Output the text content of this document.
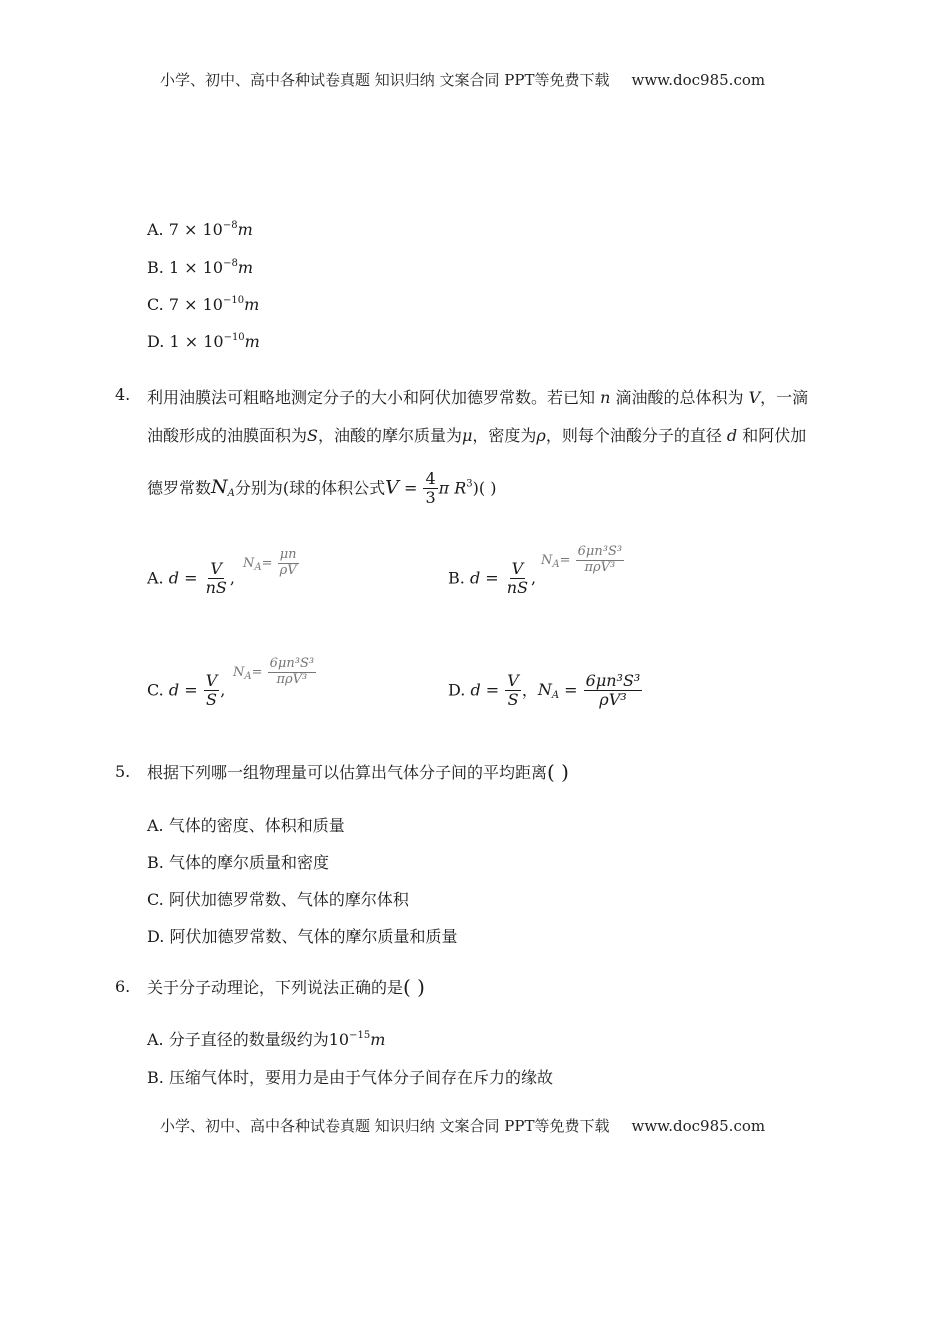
小学、初中、高中各种试卷真题 知识归纳 文案合同 PPT等免费下载 www.doc985.com
A. $7 \times 10^{-8}m$
B. $1 \times 10^{-8}m$
C. $7 \times 10^{-10}m$
D. $1 \times 10^{-10}m$
4. 利用油膜法可粗略地测定分子的大小和阿伏加德罗常数。若已知 n 滴油酸的总体积为 V，一滴
油酸形成的油膜面积为S，油酸的摩尔质量为μ，密度为ρ，则每个油酸分子的直径 d 和阿伏加
德罗常数$N_A$分别为(球的体积公式$V = \frac{4}{3}$ π $R^3$)( )
A. $d = \frac{V}{nS}$ ,
$N_A= \frac{\mu n}{\rho V}$	B. $d = \frac{V}{nS}$ ,
$N_A= \frac{\text{6μn³S³}}{\text{πρV³}}$
C. $d = \frac{V}{S}$ ,
$N_A= \frac{\text{6μn³S³}}{\text{πρV³}}$
D. $d = \frac{V}{S}$ ，$N_A = \frac{\text{6μn³S³}}{\text{ρV³}}$
5. 根据下列哪一组物理量可以估算出气体分子间的平均距离( )
A. 气体的密度、体积和质量
B. 气体的摩尔质量和密度
C. 阿伏加德罗常数、气体的摩尔体积
D. 阿伏加德罗常数、气体的摩尔质量和质量
6. 关于分子动理论，下列说法正确的是( )
A. 分子直径的数量级约为$10^{-15}m$
B. 压缩气体时，要用力是由于气体分子间存在斥力的缘故
小学、初中、高中各种试卷真题 知识归纳 文案合同 PPT等免费下载 www.doc985.com
